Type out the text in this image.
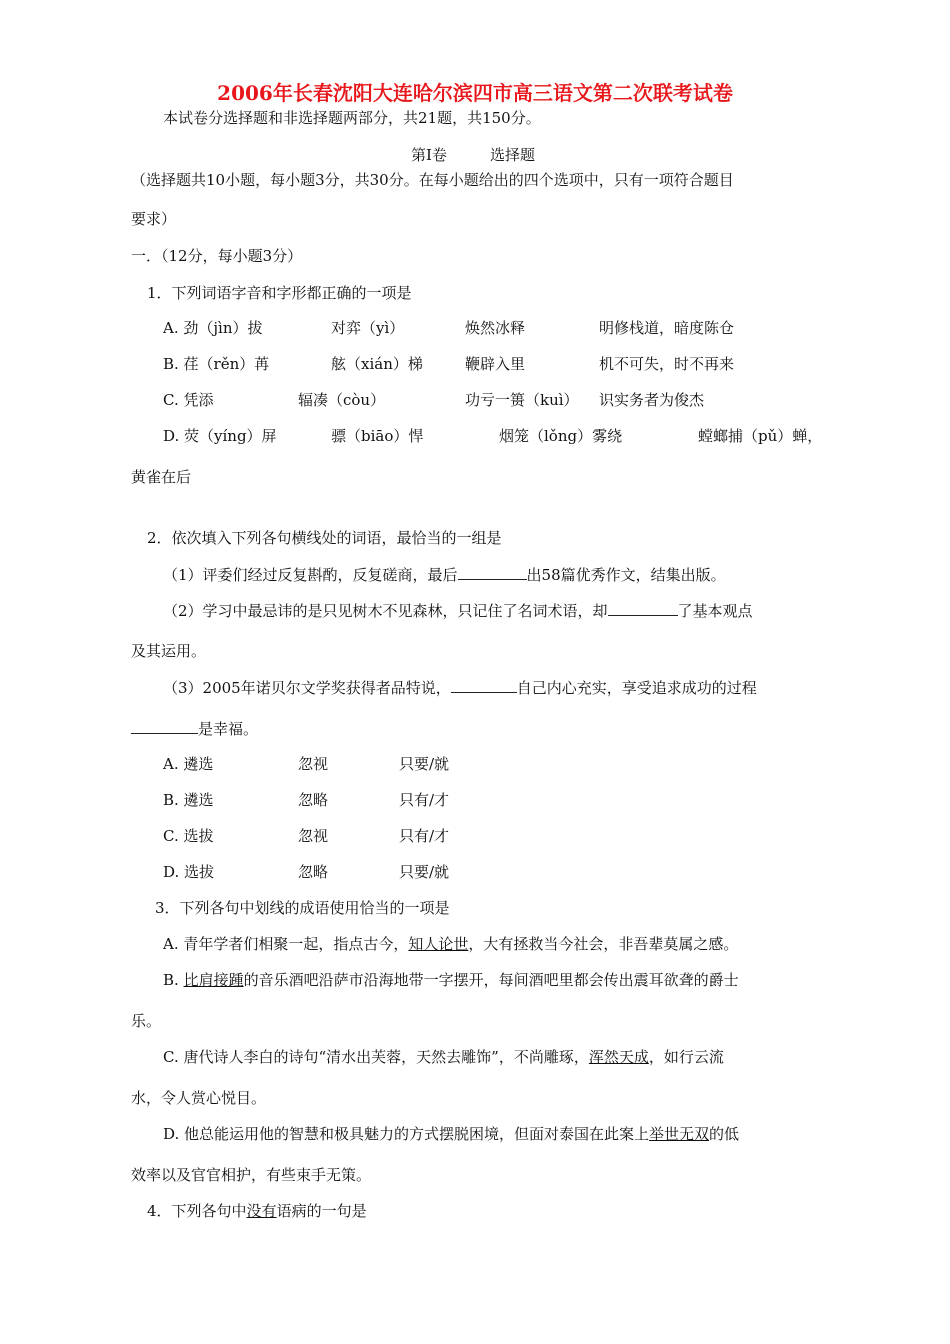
2006年长春沈阳大连哈尔滨四市高三语文第二次联考试卷
本试卷分选择题和非选择题两部分，共21题，共150分。
第Ⅰ卷	选择题
（选择题共10小题，每小题3分，共30分。在每小题给出的四个选项中，只有一项符合题目
要求）
一．（12分，每小题3分）
1．下列词语字音和字形都正确的一项是
A. 劲（jìn）拔	对弈（yì）	焕然冰释	明修栈道，暗度陈仓
B. 荏（rěn）苒	舷（xián）梯	鞭辟入里	机不可失，时不再来
C. 凭添	辐凑（còu）	功亏一篑（kuì） 识实务者为俊杰
D. 荧（yíng）屏	骠（biāo）悍	烟笼（lǒng）雾绕	螳螂捕（pǔ）蝉，
黄雀在后
2．依次填入下列各句横线处的词语，最恰当的一组是
（1）评委们经过反复斟酌，反复磋商，最后	出58篇优秀作文，结集出版。
（2）学习中最忌讳的是只见树木不见森林，只记住了名词术语，却	了基本观点
及其运用。
（3）2005年诺贝尔文学奖获得者品特说，	自己内心充实，享受追求成功的过程
是幸福。
A. 遴选	忽视	只要/就
B. 遴选	忽略	只有/才
C. 选拔	忽视	只有/才
D. 选拔	忽略	只要/就
3．下列各句中划线的成语使用恰当的一项是
A. 青年学者们相聚一起，指点古今，知人论世，大有拯救当今社会，非吾辈莫属之感。
B. 比肩接踵的音乐酒吧沿萨市沿海地带一字摆开，每间酒吧里都会传出震耳欲聋的爵士
乐。
C. 唐代诗人李白的诗句“清水出芙蓉，天然去雕饰”，不尚雕琢，浑然天成，如行云流
水，令人赏心悦目。
D. 他总能运用他的智慧和极具魅力的方式摆脱困境，但面对泰国在此案上举世无双的低
效率以及官官相护，有些束手无策。
4．下列各句中没有语病的一句是
